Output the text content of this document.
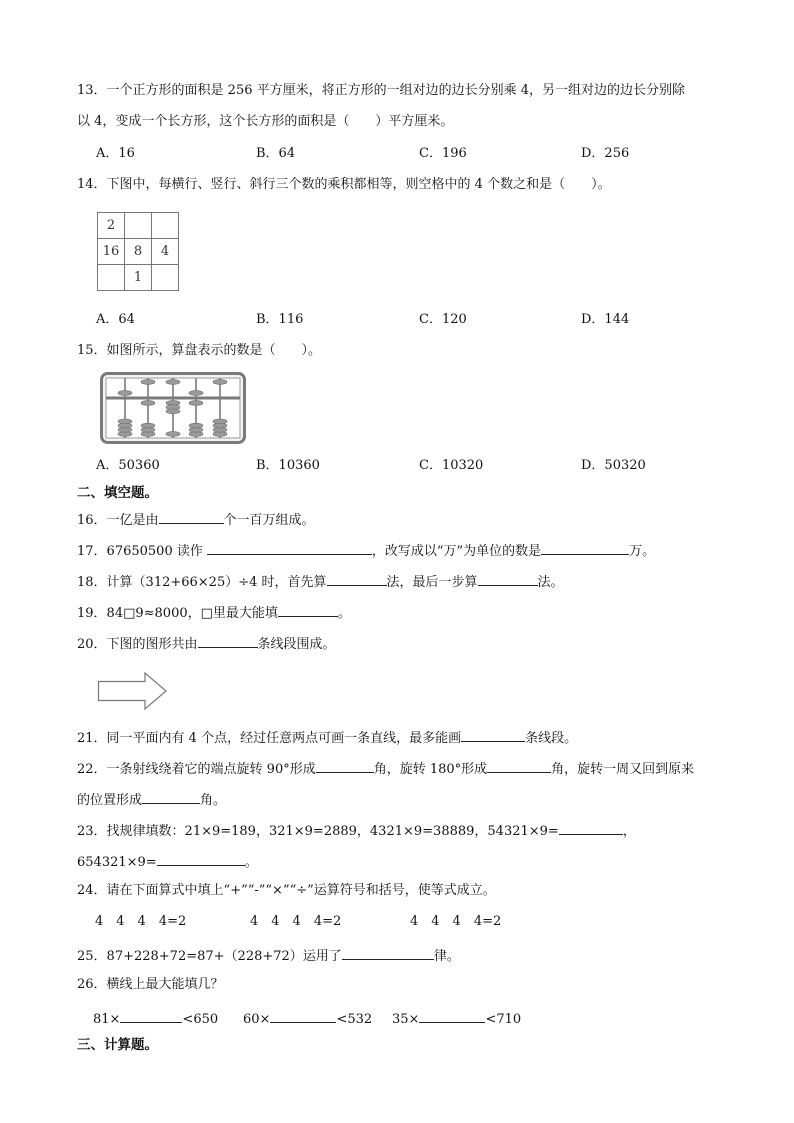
13．一个正方形的面积是 256 平方厘米，将正方形的一组对边的边长分别乘 4，另一组对边的边长分别除
以 4，变成一个长方形，这个长方形的面积是（　　）平方厘米。
A．16	B．64	C．196	D．256
14．下图中，每横行、竖行、斜行三个数的乘积都相等，则空格中的 4 个数之和是（　　）。
2		
16	8	4
	1	
A．64	B．116	C．120	D．144
15．如图所示，算盘表示的数是（　　）。
A．50360	B．10360	C．10320	D．50320
二、填空题。
16．一亿是由	个一百万组成。
17．67650500 读作	，改写成以“万”为单位的数是	万。
18．计算（312+66×25）÷4 时，首先算	法，最后一步算	法。
19．84□9≈8000，□里最大能填	。
20．下图的图形共由	条线段围成。
21．同一平面内有 4 个点，经过任意两点可画一条直线，最多能画	条线段。
22．一条射线绕着它的端点旋转 90°形成	角，旋转 180°形成	角，旋转一周又回到原来
的位置形成	角。
23．找规律填数：21×9=189，321×9=2889，4321×9=38889，54321×9=	，
654321×9=	。
24．请在下面算式中填上“+”“-”“×”“÷”运算符号和括号，使等式成立。
4　4　4　4=2	4　4　4　4=2	4　4　4　4=2
25．87+228+72=87+（228+72）运用了	律。
26．横线上最大能填几？
81×	<650 60×	<532 35×	<710
三、计算题。
